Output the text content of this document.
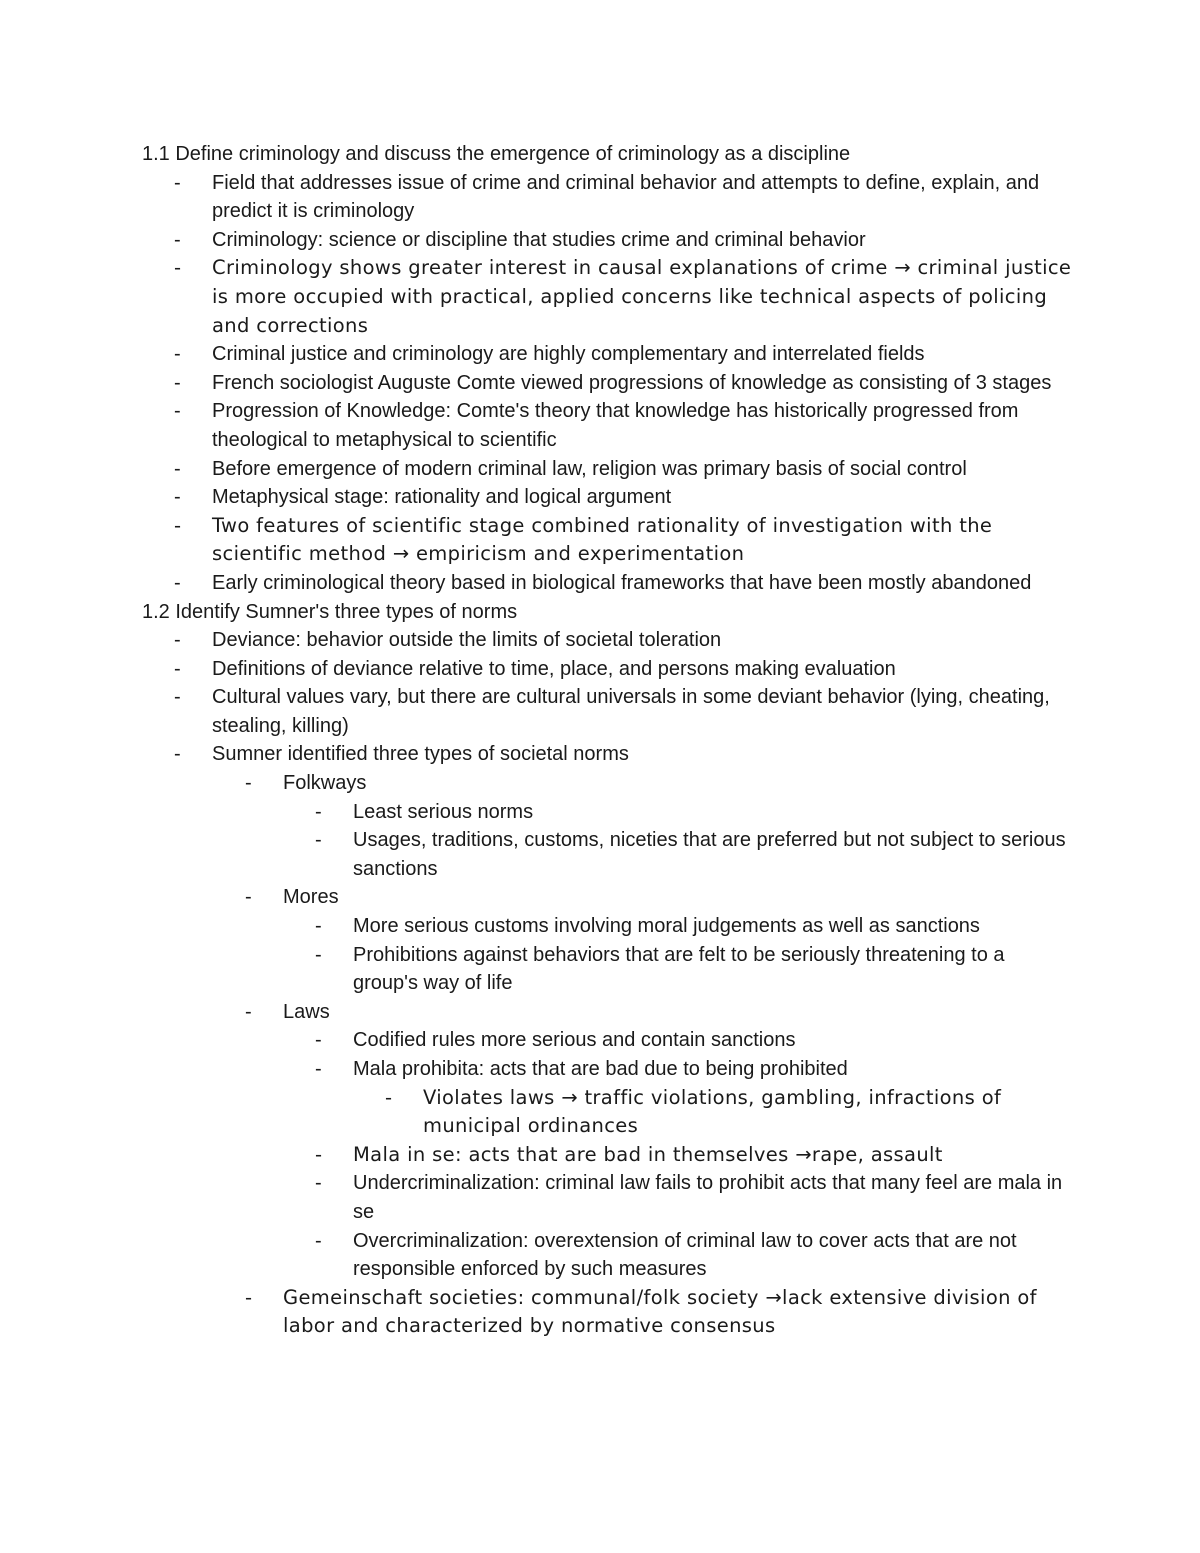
1.1 Define criminology and discuss the emergence of criminology as a discipline
- Field that addresses issue of crime and criminal behavior and attempts to define, explain, and predict it is criminology
- Criminology: science or discipline that studies crime and criminal behavior
- Criminology shows greater interest in causal explanations of crime → criminal justice is more occupied with practical, applied concerns like technical aspects of policing and corrections
- Criminal justice and criminology are highly complementary and interrelated fields
- French sociologist Auguste Comte viewed progressions of knowledge as consisting of 3 stages
- Progression of Knowledge: Comte's theory that knowledge has historically progressed from theological to metaphysical to scientific
- Before emergence of modern criminal law, religion was primary basis of social control
- Metaphysical stage: rationality and logical argument
- Two features of scientific stage combined rationality of investigation with the scientific method → empiricism and experimentation
- Early criminological theory based in biological frameworks that have been mostly abandoned
1.2 Identify Sumner's three types of norms
- Deviance: behavior outside the limits of societal toleration
- Definitions of deviance relative to time, place, and persons making evaluation
- Cultural values vary, but there are cultural universals in some deviant behavior (lying, cheating, stealing, killing)
- Sumner identified three types of societal norms
- Folkways
- Least serious norms
- Usages, traditions, customs, niceties that are preferred but not subject to serious sanctions
- Mores
- More serious customs involving moral judgements as well as sanctions
- Prohibitions against behaviors that are felt to be seriously threatening to a group's way of life
- Laws
- Codified rules more serious and contain sanctions
- Mala prohibita: acts that are bad due to being prohibited
- Violates laws → traffic violations, gambling, infractions of municipal ordinances
- Mala in se: acts that are bad in themselves →rape, assault
- Undercriminalization: criminal law fails to prohibit acts that many feel are mala in se
- Overcriminalization: overextension of criminal law to cover acts that are not responsible enforced by such measures
- Gemeinschaft societies: communal/folk society →lack extensive division of labor and characterized by normative consensus
